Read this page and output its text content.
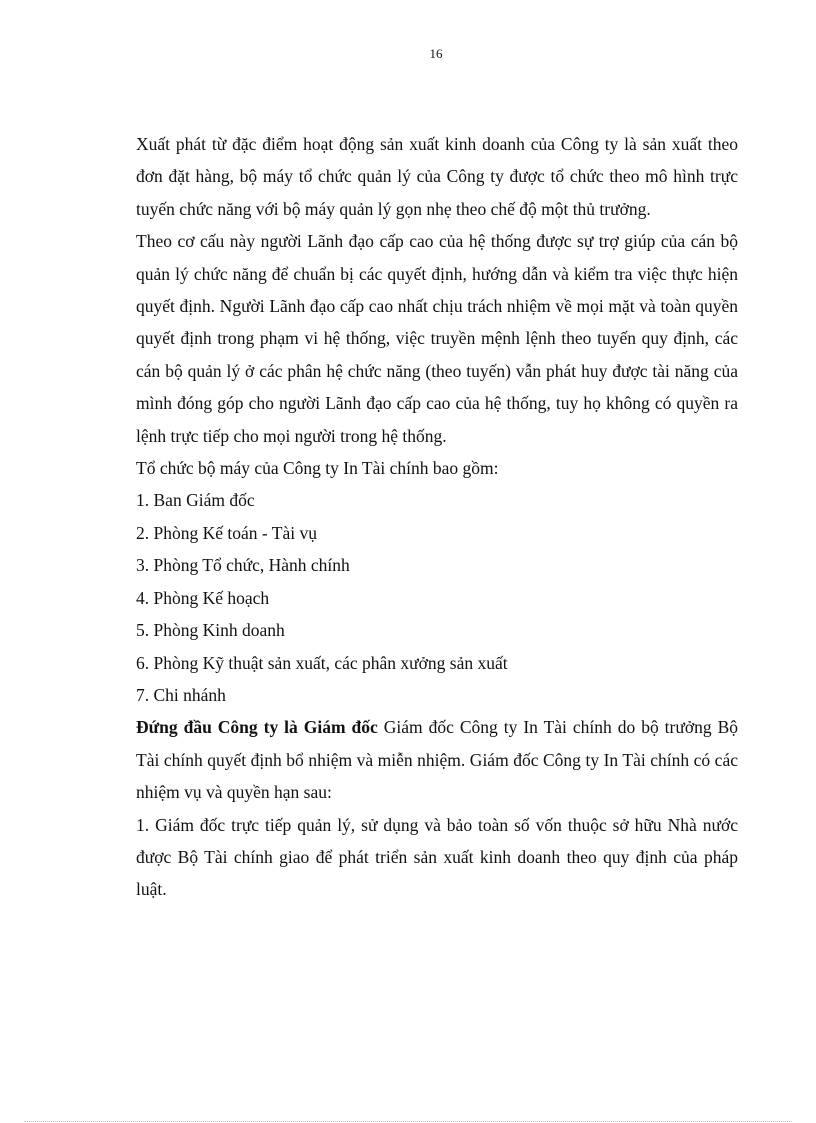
16

Xuất phát từ đặc điểm hoạt động sản xuất kinh doanh của Công ty là sản xuất theo đơn đặt hàng, bộ máy tổ chức quản lý của Công ty được tổ chức theo mô hình trực tuyến chức năng với bộ máy quản lý gọn nhẹ theo chế độ một thủ trưởng.

Theo cơ cấu này người Lãnh đạo cấp cao của hệ thống được sự trợ giúp của cán bộ quản lý chức năng để chuẩn bị các quyết định, hướng dẫn và kiểm tra việc thực hiện quyết định. Người Lãnh đạo cấp cao nhất chịu trách nhiệm về mọi mặt và toàn quyền quyết định trong phạm vi hệ thống, việc truyền mệnh lệnh theo tuyến quy định, các cán bộ quản lý ở các phân hệ chức năng (theo tuyến) vẫn phát huy được tài năng của mình đóng góp cho người Lãnh đạo cấp cao của hệ thống, tuy họ không có quyền ra lệnh trực tiếp cho mọi người trong hệ thống.

Tổ chức bộ máy của Công ty In Tài chính bao gồm:

1. Ban Giám đốc

2. Phòng Kế toán - Tài vụ

3. Phòng Tổ chức, Hành chính

4. Phòng Kế hoạch

5. Phòng Kinh doanh

6. Phòng Kỹ thuật sản xuất, các phân xưởng sản xuất

7. Chi nhánh

Đứng đầu Công ty là Giám đốc Giám đốc Công ty In Tài chính do bộ trưởng Bộ Tài chính quyết định bổ nhiệm và miễn nhiệm. Giám đốc Công ty In Tài chính có các nhiệm vụ và quyền hạn sau:

1. Giám đốc trực tiếp quản lý, sử dụng và bảo toàn số vốn thuộc sở hữu Nhà nước được Bộ Tài chính giao để phát triển sản xuất kinh doanh theo quy định của pháp luật.
